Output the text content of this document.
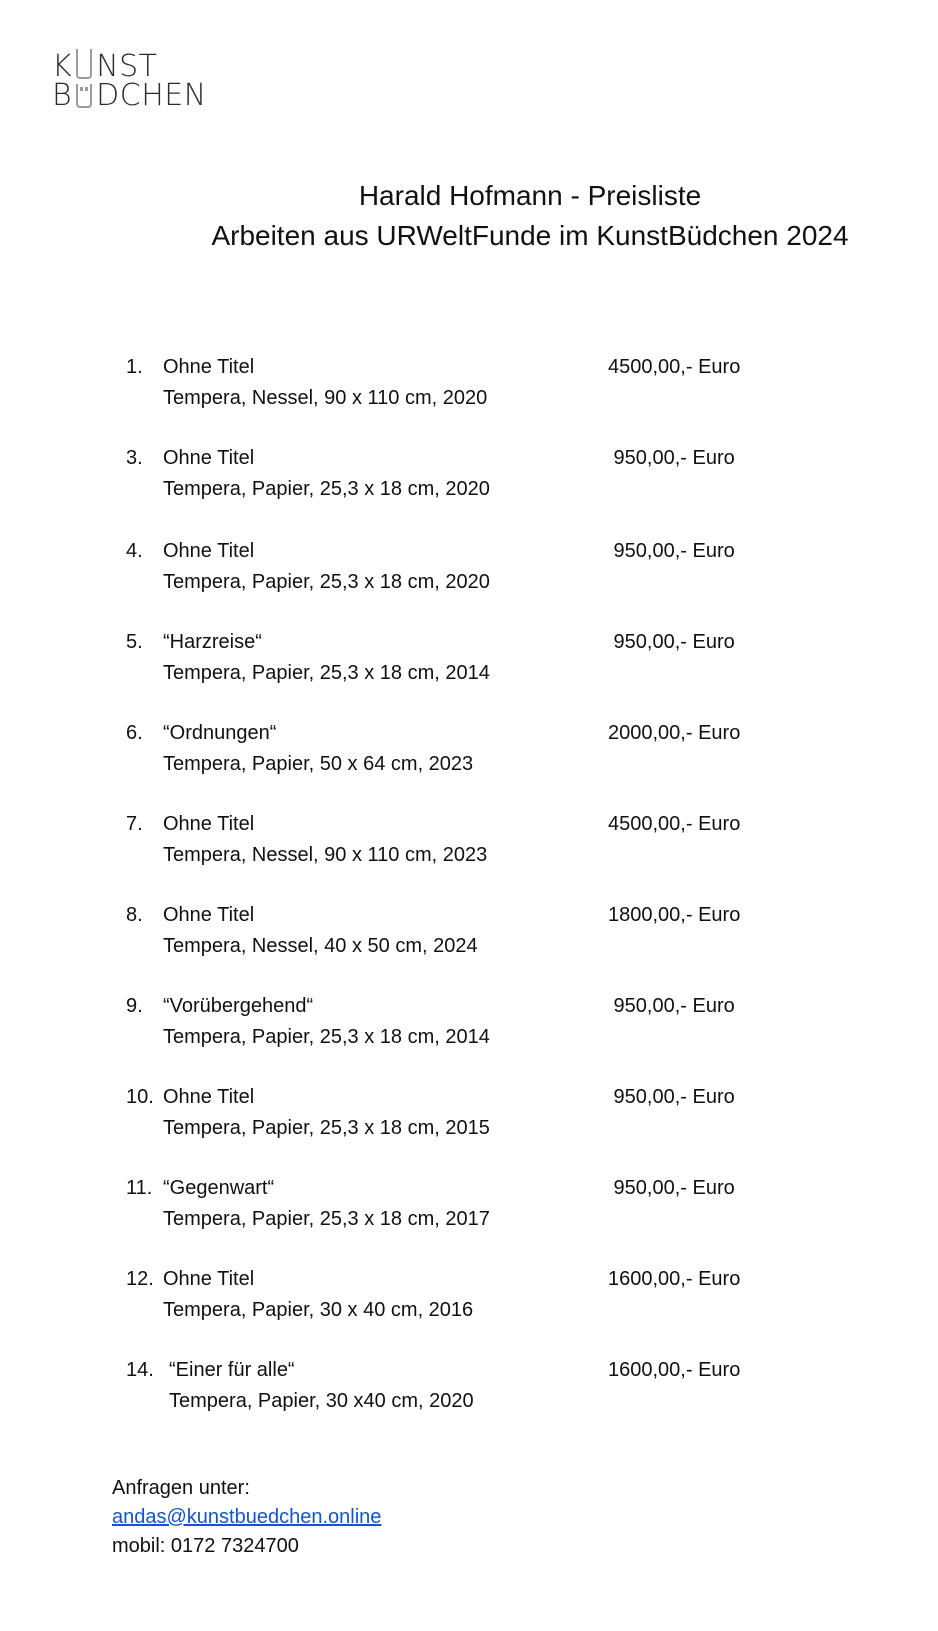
K NST
B DCHEN
Harald Hofmann - Preisliste
Arbeiten aus URWeltFunde im KunstBüdchen 2024
1. Ohne Titel
Tempera, Nessel, 90 x 110 cm, 2020
4500,00,- Euro
3. Ohne Titel
Tempera, Papier, 25,3 x 18 cm, 2020
950,00,- Euro
4. Ohne Titel
Tempera, Papier, 25,3 x 18 cm, 2020
950,00,- Euro
5. “Harzreise“
Tempera, Papier, 25,3 x 18 cm, 2014
950,00,- Euro
6. “Ordnungen“
Tempera, Papier, 50 x 64 cm, 2023
2000,00,- Euro
7. Ohne Titel
Tempera, Nessel, 90 x 110 cm, 2023
4500,00,- Euro
8. Ohne Titel
Tempera, Nessel, 40 x 50 cm, 2024
1800,00,- Euro
9. “Vorübergehend“
Tempera, Papier, 25,3 x 18 cm, 2014
950,00,- Euro
10. Ohne Titel
Tempera, Papier, 25,3 x 18 cm, 2015
950,00,- Euro
11. “Gegenwart“
Tempera, Papier, 25,3 x 18 cm, 2017
950,00,- Euro
12. Ohne Titel
Tempera, Papier, 30 x 40 cm, 2016
1600,00,- Euro
14. “Einer für alle“
Tempera, Papier, 30 x40 cm, 2020
1600,00,- Euro
Anfragen unter:
andas@kunstbuedchen.online
mobil: 0172 7324700
